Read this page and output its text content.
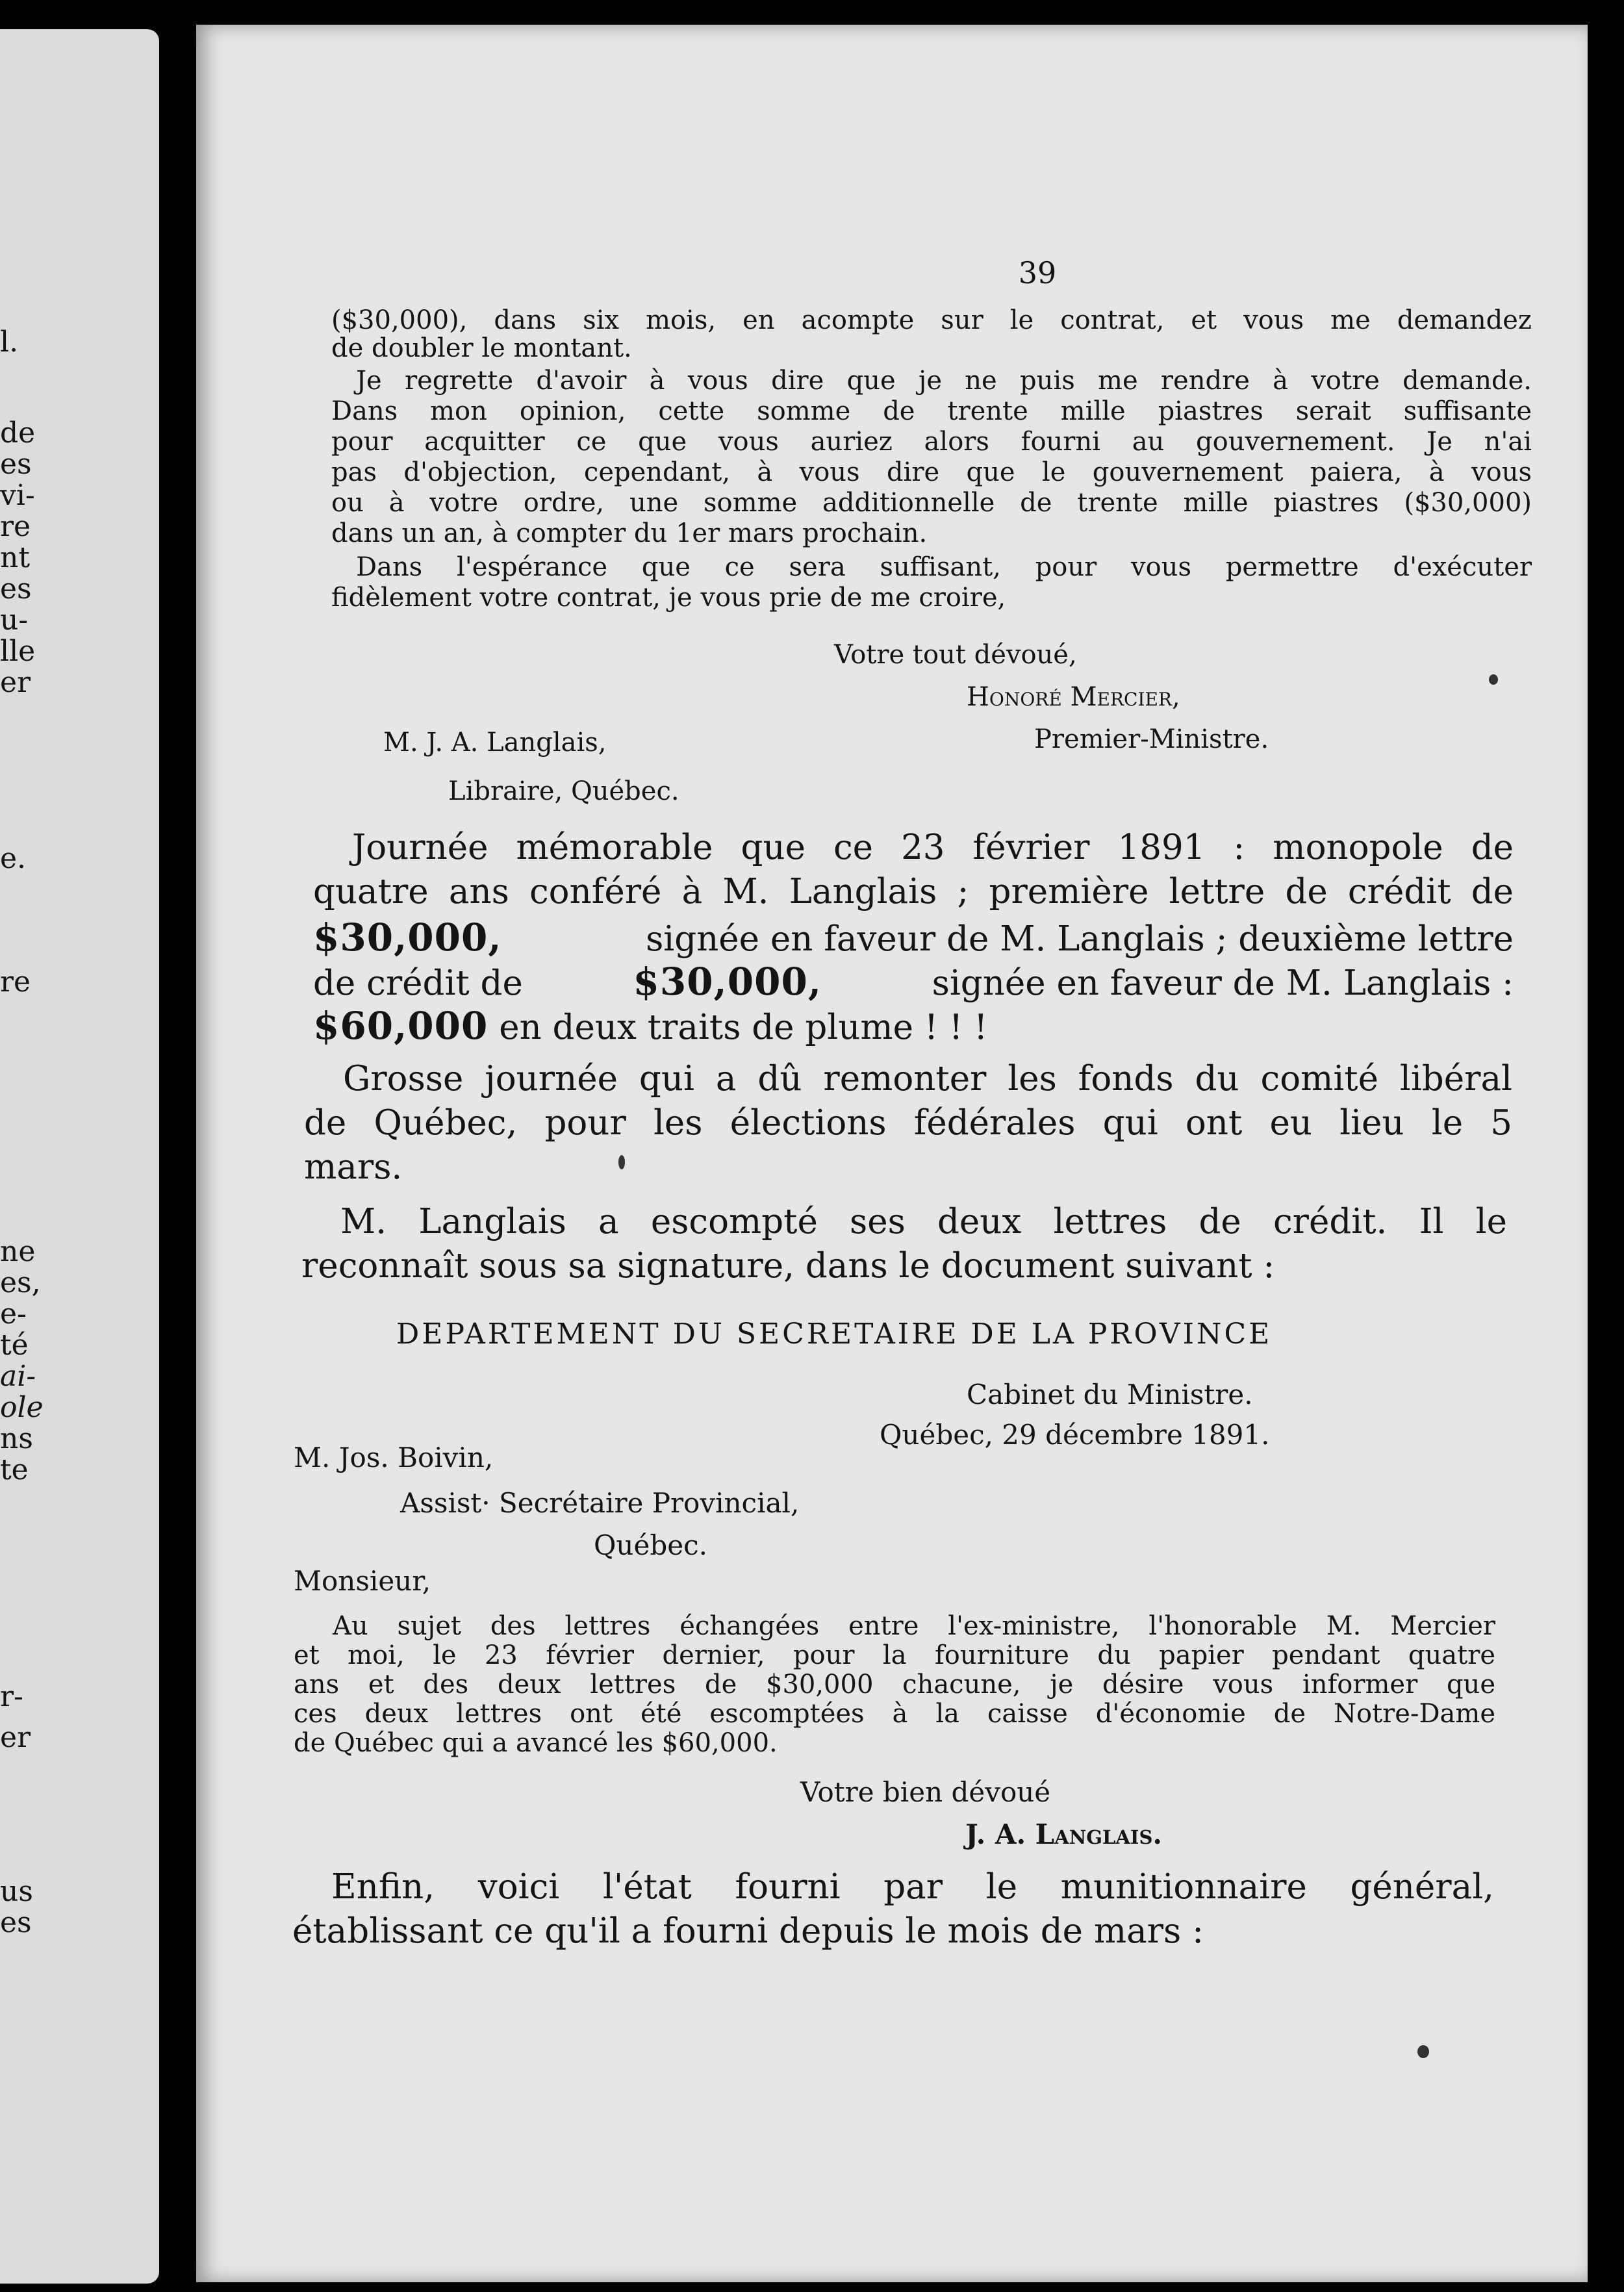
l.
de
es
vi-
re
nt
es
u-
lle
er
e.
re
ne
es,
e-
té
ai-
ole
ns
te
r-
er
us
es
39
($30,000), dans six mois, en acompte sur le contrat, et vous me demandez
de doubler le montant.
Je regrette d'avoir à vous dire que je ne puis me rendre à votre demande.
Dans mon opinion, cette somme de trente mille piastres serait suffisante
pour acquitter ce que vous auriez alors fourni au gouvernement. Je n'ai
pas d'objection, cependant, à vous dire que le gouvernement paiera, à vous
ou à votre ordre, une somme additionnelle de trente mille piastres ($30,000)
dans un an, à compter du 1er mars prochain.
Dans l'espérance que ce sera suffisant, pour vous permettre d'exécuter
fidèlement votre contrat, je vous prie de me croire,
Votre tout dévoué,
Honoré Mercier,
M. J. A. Langlais,	Premier-Ministre.
Libraire, Québec.
Journée mémorable que ce 23 février 1891 : monopole de
quatre ans conféré à M. Langlais ; première lettre de crédit de
$30,000,	signée en faveur de M. Langlais ; deuxième lettre
de crédit de	$30,000,	signée en faveur de M. Langlais :
$60,000 en deux traits de plume ! ! !
Grosse journée qui a dû remonter les fonds du comité libéral
de Québec, pour les élections fédérales qui ont eu lieu le 5
mars.
M. Langlais a escompté ses deux lettres de crédit. Il le
reconnaît sous sa signature, dans le document suivant :
DEPARTEMENT DU SECRETAIRE DE LA PROVINCE
Cabinet du Ministre.
Québec, 29 décembre 1891.
M. Jos. Boivin,
Assist· Secrétaire Provincial,
Québec.
Monsieur,
Au sujet des lettres échangées entre l'ex-ministre, l'honorable M. Mercier
et moi, le 23 février dernier, pour la fourniture du papier pendant quatre
ans et des deux lettres de $30,000 chacune, je désire vous informer que
ces deux lettres ont été escomptées à la caisse d'économie de Notre-Dame
de Québec qui a avancé les $60,000.
Votre bien dévoué
J. A. Langlais.
Enfin, voici l'état fourni par le munitionnaire général,
établissant ce qu'il a fourni depuis le mois de mars :
